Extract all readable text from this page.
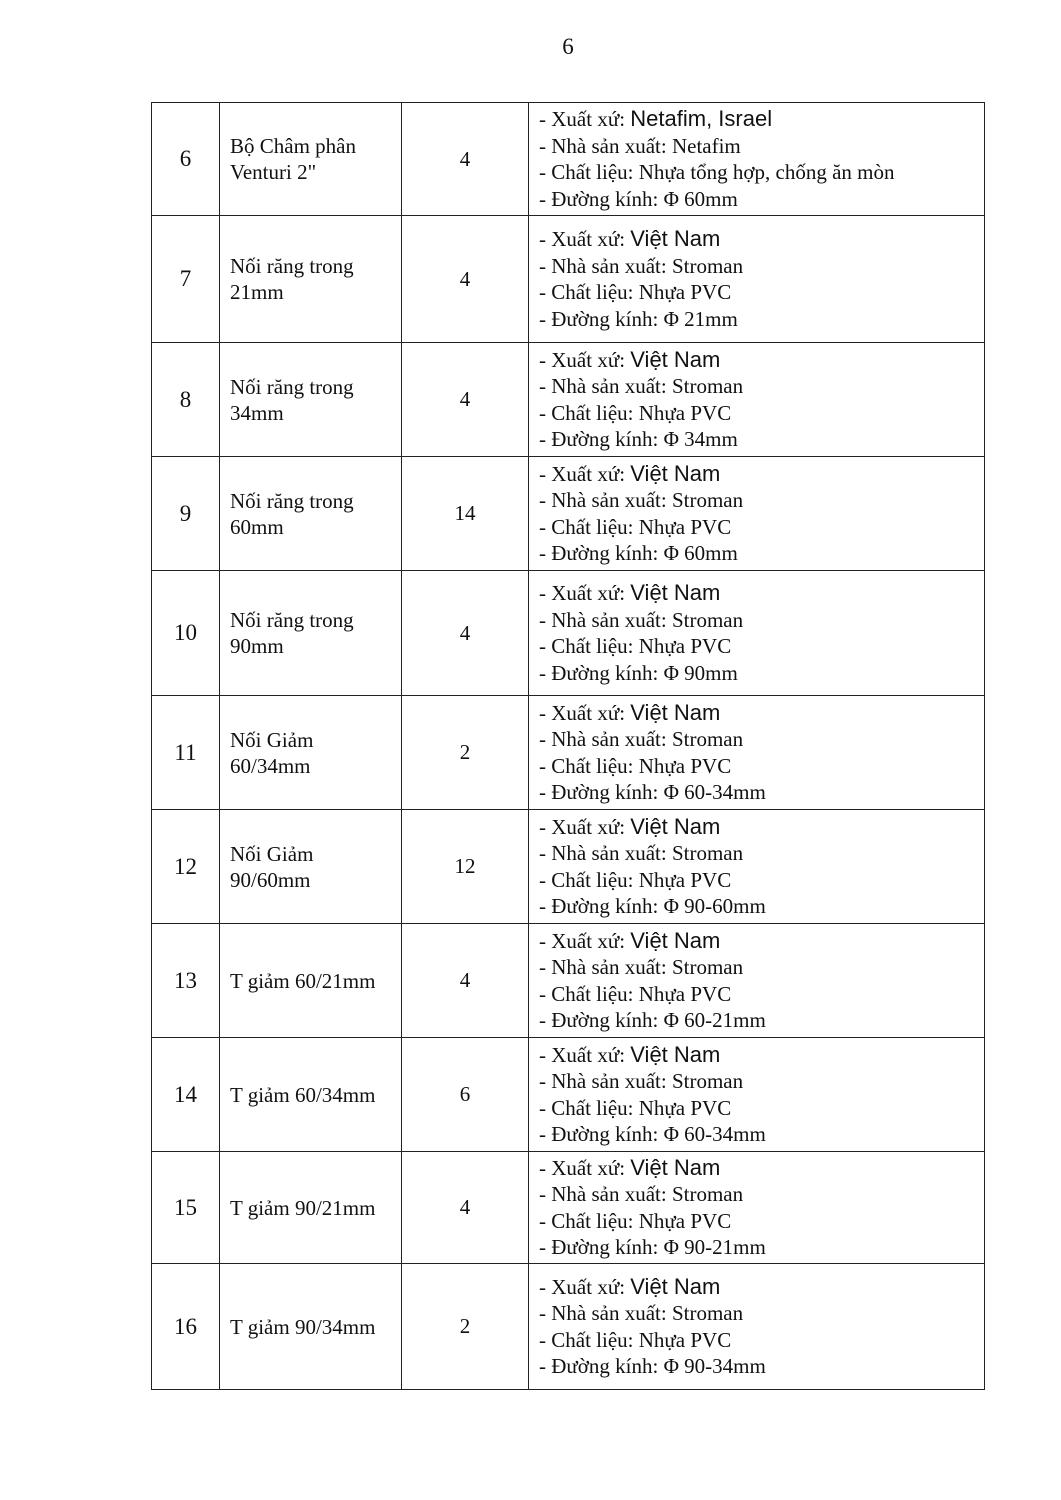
6
6	Bộ Châm phân
Venturi 2"	4	- Xuất xứ: Netafim, Israel
- Nhà sản xuất: Netafim
- Chất liệu: Nhựa tổng hợp, chống ăn mòn
- Đường kính: Φ 60mm

7	Nối răng trong
21mm	4	- Xuất xứ: Việt Nam
- Nhà sản xuất: Stroman
- Chất liệu: Nhựa PVC
- Đường kính: Φ 21mm

8	Nối răng trong
34mm	4	- Xuất xứ: Việt Nam
- Nhà sản xuất: Stroman
- Chất liệu: Nhựa PVC
- Đường kính: Φ 34mm

9	Nối răng trong
60mm	14	- Xuất xứ: Việt Nam
- Nhà sản xuất: Stroman
- Chất liệu: Nhựa PVC
- Đường kính: Φ 60mm

10	Nối răng trong
90mm	4	- Xuất xứ: Việt Nam
- Nhà sản xuất: Stroman
- Chất liệu: Nhựa PVC
- Đường kính: Φ 90mm

11	Nối Giảm
60/34mm	2	- Xuất xứ: Việt Nam
- Nhà sản xuất: Stroman
- Chất liệu: Nhựa PVC
- Đường kính: Φ 60-34mm

12	Nối Giảm
90/60mm	12	- Xuất xứ: Việt Nam
- Nhà sản xuất: Stroman
- Chất liệu: Nhựa PVC
- Đường kính: Φ 90-60mm

13	T giảm 60/21mm	4	- Xuất xứ: Việt Nam
- Nhà sản xuất: Stroman
- Chất liệu: Nhựa PVC
- Đường kính: Φ 60-21mm

14	T giảm 60/34mm	6	- Xuất xứ: Việt Nam
- Nhà sản xuất: Stroman
- Chất liệu: Nhựa PVC
- Đường kính: Φ 60-34mm

15	T giảm 90/21mm	4	- Xuất xứ: Việt Nam
- Nhà sản xuất: Stroman
- Chất liệu: Nhựa PVC
- Đường kính: Φ 90-21mm

16	T giảm 90/34mm	2	- Xuất xứ: Việt Nam
- Nhà sản xuất: Stroman
- Chất liệu: Nhựa PVC
- Đường kính: Φ 90-34mm
